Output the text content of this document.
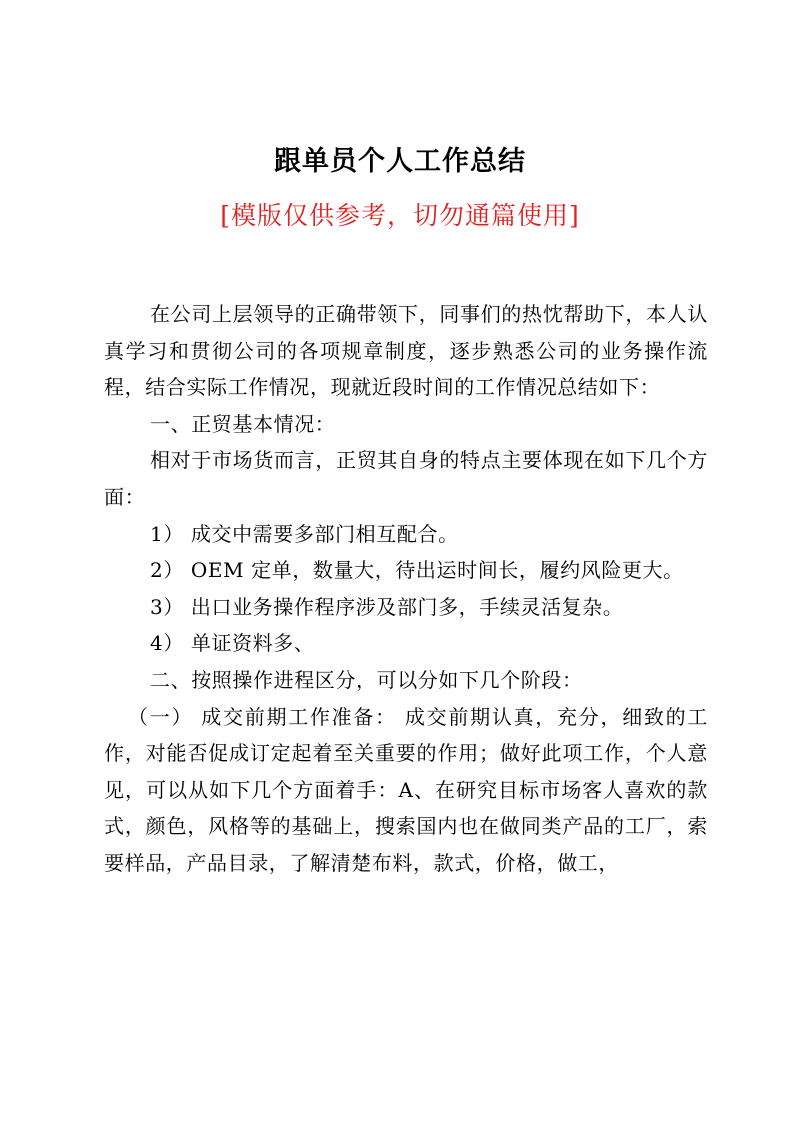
跟单员个人工作总结
[模版仅供参考，切勿通篇使用]

在公司上层领导的正确带领下，同事们的热忱帮助下，本人认真学习和贯彻公司的各项规章制度，逐步熟悉公司的业务操作流程，结合实际工作情况，现就近段时间的工作情况总结如下：

一、正贸基本情况：

相对于市场货而言，正贸其自身的特点主要体现在如下几个方面：

1） 成交中需要多部门相互配合。

2） OEM 定单，数量大，待出运时间长，履约风险更大。

3） 出口业务操作程序涉及部门多，手续灵活复杂。

4） 单证资料多、

二、按照操作进程区分，可以分如下几个阶段：

（一） 成交前期工作准备： 成交前期认真，充分，细致的工作，对能否促成订定起着至关重要的作用；做好此项工作，个人意见，可以从如下几个方面着手：A、在研究目标市场客人喜欢的款式，颜色，风格等的基础上，搜索国内也在做同类产品的工厂，索要样品，产品目录，了解清楚布料，款式，价格，做工，
